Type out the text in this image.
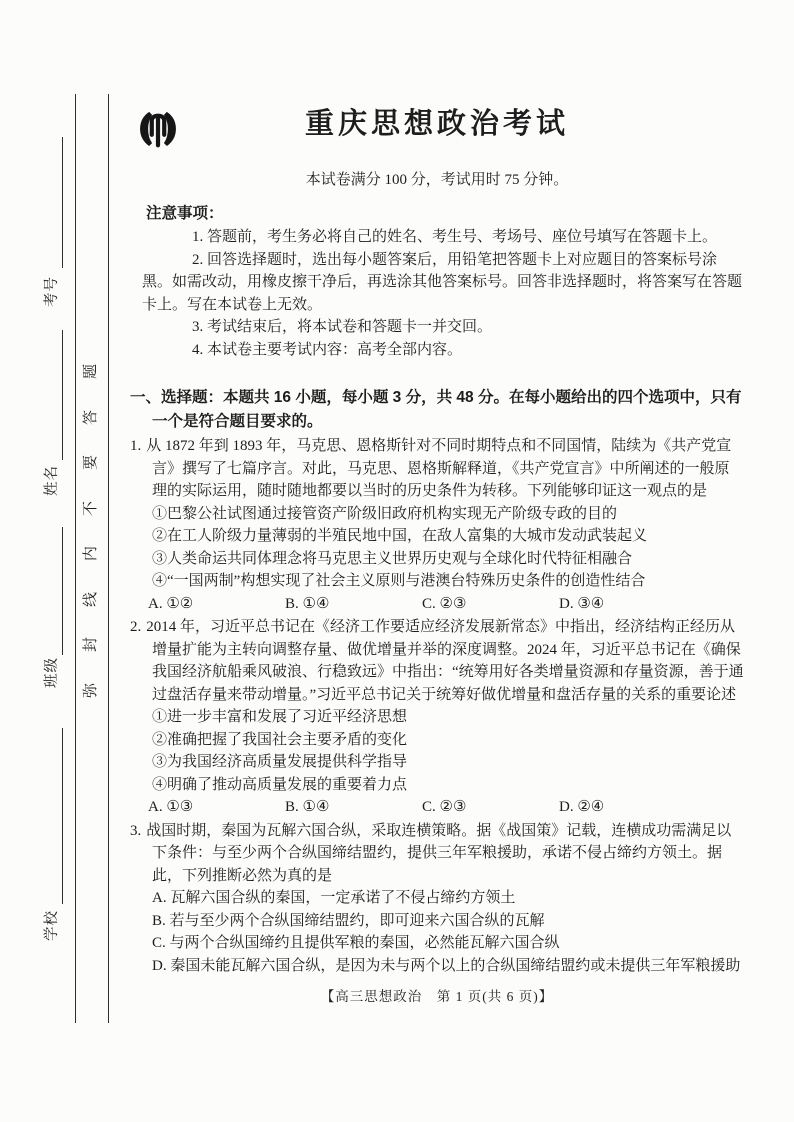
考号
姓名
班级
学校
题
答
要
不
内
线
封
弥
重庆思想政治考试
本试卷满分 100 分，考试用时 75 分钟。
注意事项：
1. 答题前，考生务必将自己的姓名、考生号、考场号、座位号填写在答题卡上。
2. 回答选择题时，选出每小题答案后，用铅笔把答题卡上对应题目的答案标号涂黑。如需改动，用橡皮擦干净后，再选涂其他答案标号。回答非选择题时，将答案写在答题卡上。写在本试卷上无效。
3. 考试结束后，将本试卷和答题卡一并交回。
4. 本试卷主要考试内容：高考全部内容。
一、选择题：本题共 16 小题，每小题 3 分，共 48 分。在每小题给出的四个选项中，只有一个是符合题目要求的。
1. 从 1872 年到 1893 年，马克思、恩格斯针对不同时期特点和不同国情，陆续为《共产党宣言》撰写了七篇序言。对此，马克思、恩格斯解释道，《共产党宣言》中所阐述的一般原理的实际运用，随时随地都要以当时的历史条件为转移。下列能够印证这一观点的是
①巴黎公社试图通过接管资产阶级旧政府机构实现无产阶级专政的目的
②在工人阶级力量薄弱的半殖民地中国，在敌人富集的大城市发动武装起义
③人类命运共同体理念将马克思主义世界历史观与全球化时代特征相融合
④“一国两制”构想实现了社会主义原则与港澳台特殊历史条件的创造性结合
A. ①②	B. ①④	C. ②③	D. ③④
2. 2014 年，习近平总书记在《经济工作要适应经济发展新常态》中指出，经济结构正经历从增量扩能为主转向调整存量、做优增量并举的深度调整。2024 年，习近平总书记在《确保我国经济航船乘风破浪、行稳致远》中指出：“统筹用好各类增量资源和存量资源，善于通过盘活存量来带动增量。”习近平总书记关于统筹好做优增量和盘活存量的关系的重要论述
①进一步丰富和发展了习近平经济思想
②准确把握了我国社会主要矛盾的变化
③为我国经济高质量发展提供科学指导
④明确了推动高质量发展的重要着力点
A. ①③	B. ①④	C. ②③	D. ②④
3. 战国时期，秦国为瓦解六国合纵，采取连横策略。据《战国策》记载，连横成功需满足以下条件：与至少两个合纵国缔结盟约，提供三年军粮援助，承诺不侵占缔约方领土。据此，下列推断必然为真的是
A. 瓦解六国合纵的秦国，一定承诺了不侵占缔约方领土
B. 若与至少两个合纵国缔结盟约，即可迎来六国合纵的瓦解
C. 与两个合纵国缔约且提供军粮的秦国，必然能瓦解六国合纵
D. 秦国未能瓦解六国合纵，是因为未与两个以上的合纵国缔结盟约或未提供三年军粮援助
【高三思想政治　第 1 页(共 6 页)】
